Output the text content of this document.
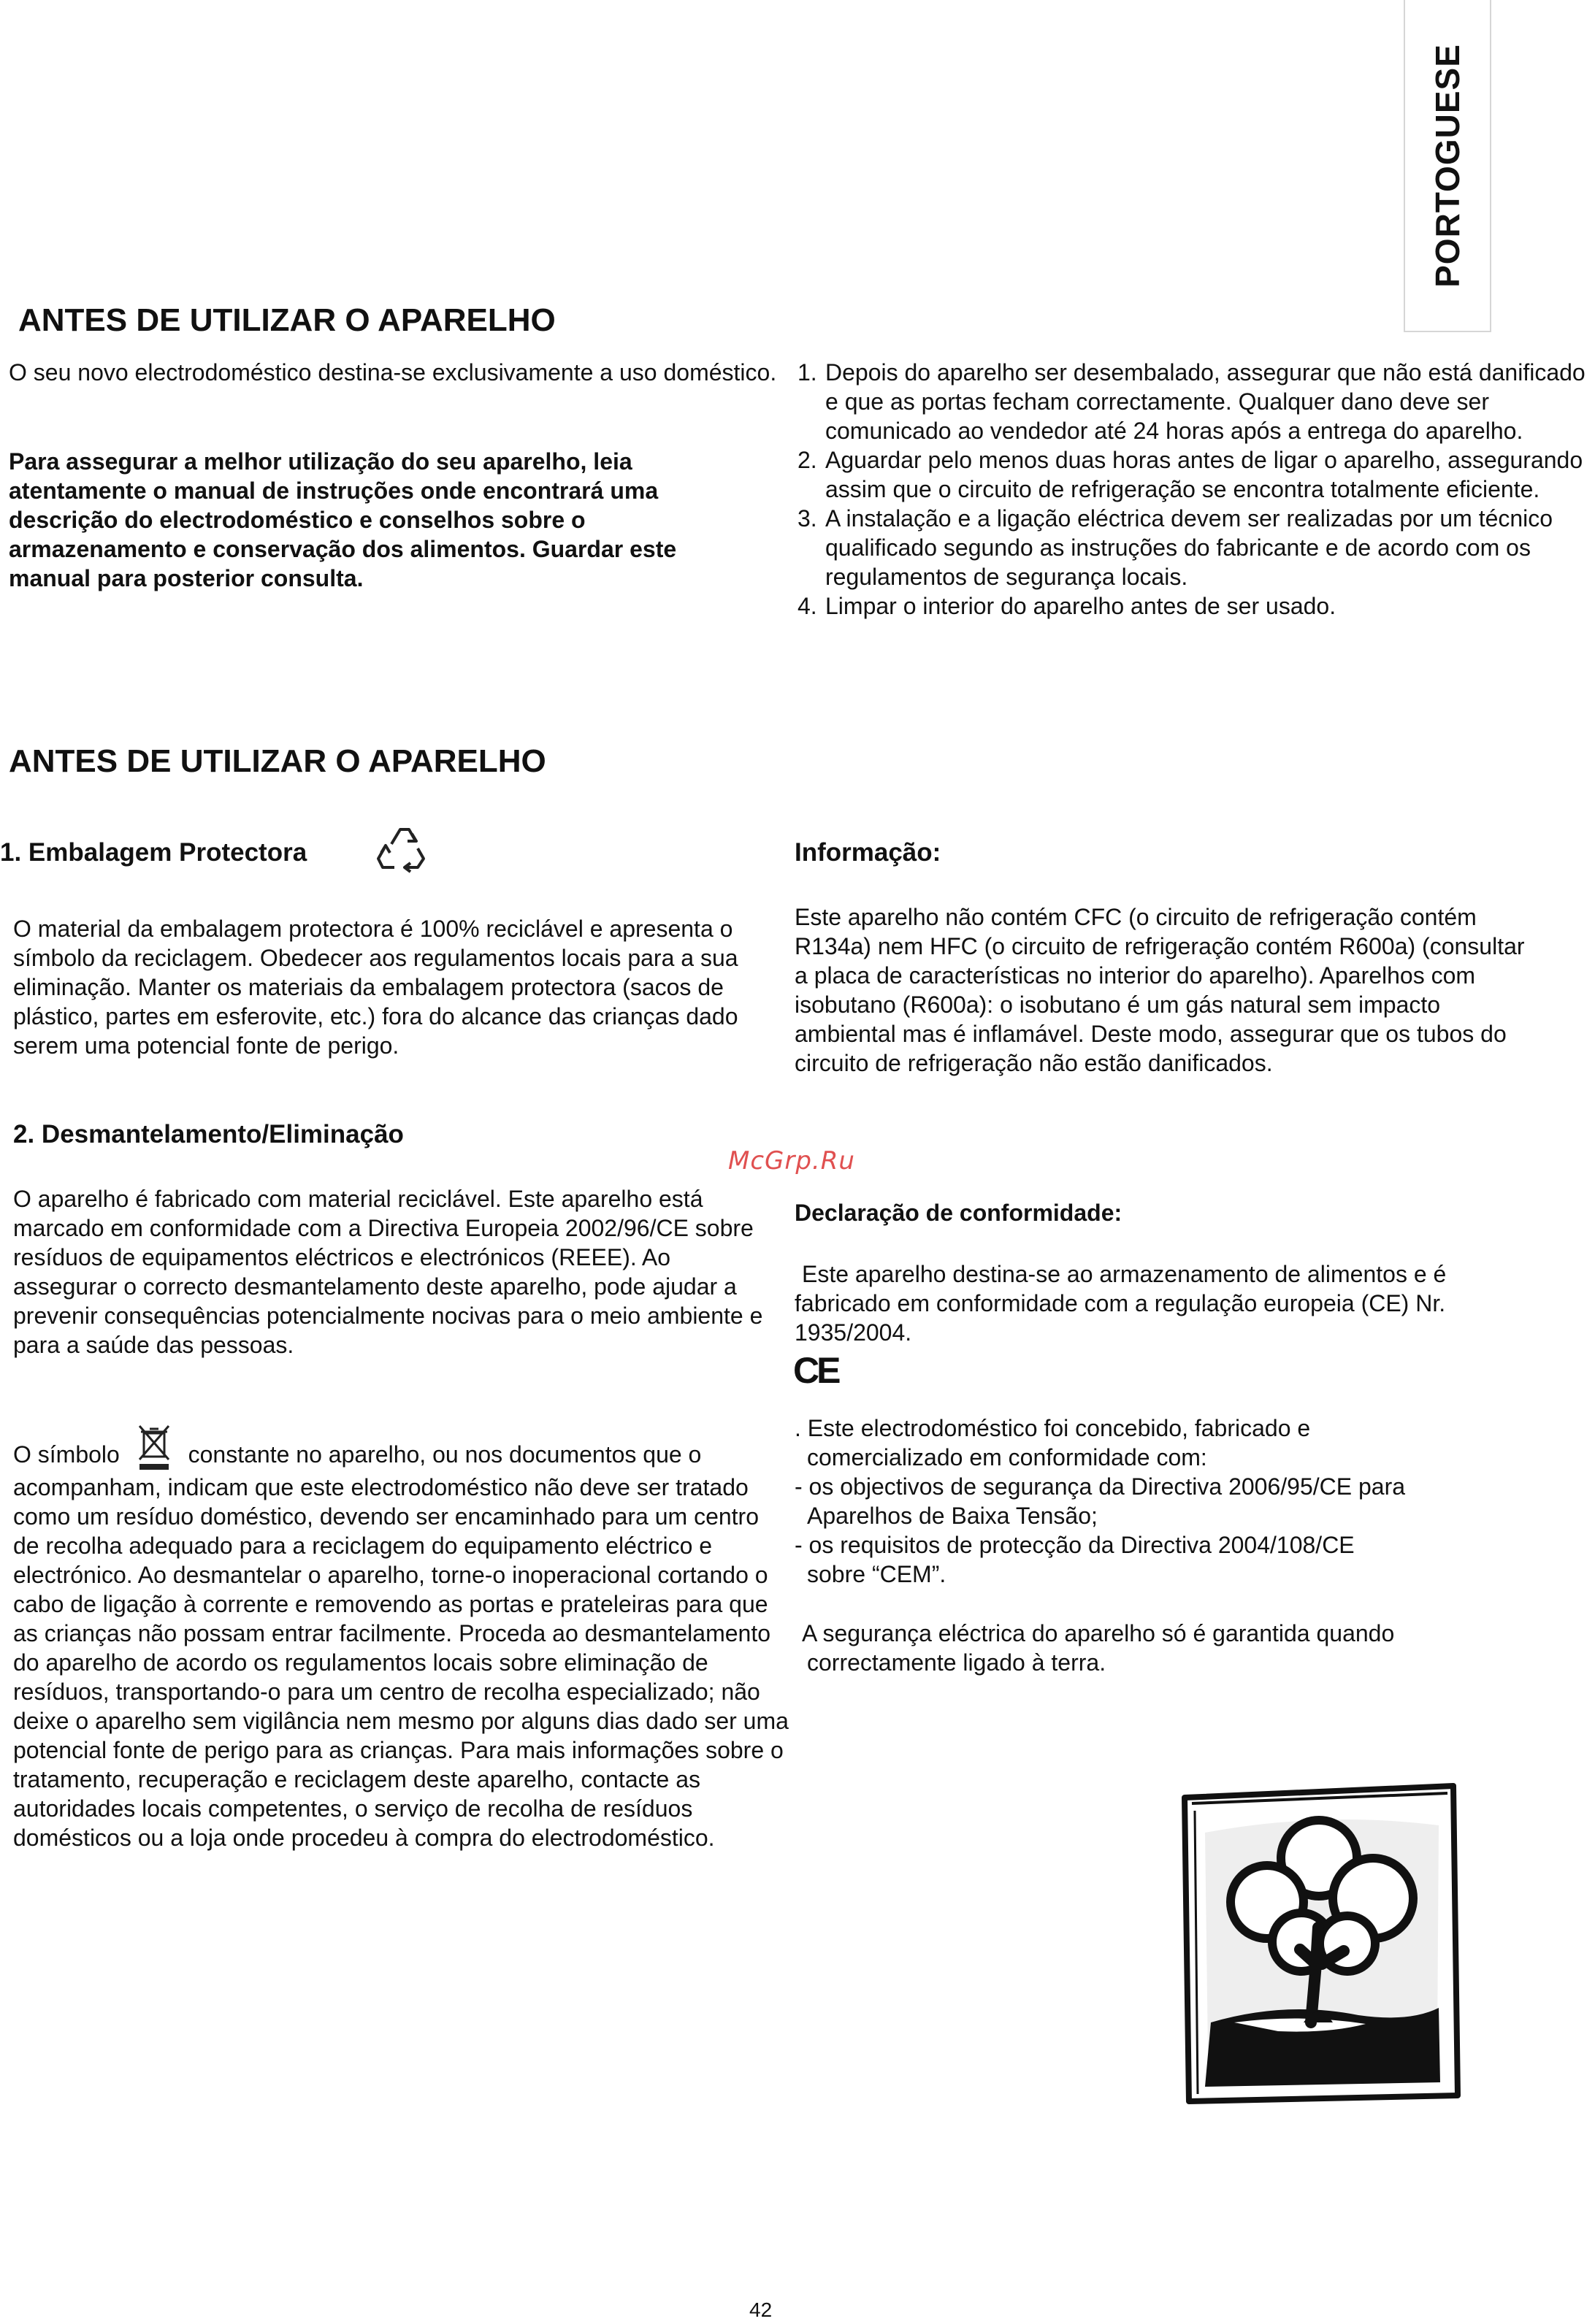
PORTOGUESE
ANTES DE UTILIZAR O APARELHO

O seu novo electrodoméstico destina-se exclusivamente a uso doméstico.

Para assegurar a melhor utilização do seu aparelho, leia atentamente o manual de instruções onde encontrará uma descrição do electrodoméstico e conselhos sobre o armazenamento e conservação dos alimentos. Guardar este manual para posterior consulta.

1. Depois do aparelho ser desembalado, assegurar que não está danificado e que as portas fecham correctamente. Qualquer dano deve ser comunicado ao vendedor até 24 horas após a entrega do aparelho.
2. Aguardar pelo menos duas horas antes de ligar o aparelho, assegurando assim que o circuito de refrigeração se encontra totalmente eficiente.
3. A instalação e a ligação eléctrica devem ser realizadas por um técnico qualificado segundo as instruções do fabricante e de acordo com os regulamentos de segurança locais.
4. Limpar o interior do aparelho antes de ser usado.
ANTES DE UTILIZAR O APARELHO
1. Embalagem Protectora

O material da embalagem protectora é 100% reciclável e apresenta o símbolo da reciclagem. Obedecer aos regulamentos locais para a sua eliminação. Manter os materiais da embalagem protectora (sacos de plástico, partes em esferovite, etc.) fora do alcance das crianças dado serem uma potencial fonte de perigo.

2. Desmantelamento/Eliminação

O aparelho é fabricado com material reciclável. Este aparelho está marcado em conformidade com a Directiva Europeia 2002/96/CE sobre resíduos de equipamentos eléctricos e electrónicos (REEE). Ao assegurar o correcto desmantelamento deste aparelho, pode ajudar a prevenir consequências potencialmente nocivas para o meio ambiente e para a saúde das pessoas.

O símbolo	constante no aparelho, ou nos documentos que o acompanham, indicam que este electrodoméstico não deve ser tratado como um resíduo doméstico, devendo ser encaminhado para um centro de recolha adequado para a reciclagem do equipamento eléctrico e electrónico. Ao desmantelar o aparelho, torne-o inoperacional cortando o cabo de ligação à corrente e removendo as portas e prateleiras para que as crianças não possam entrar facilmente. Proceda ao desmantelamento do aparelho de acordo os regulamentos locais sobre eliminação de resíduos, transportando-o para um centro de recolha especializado; não deixe o aparelho sem vigilância nem mesmo por alguns dias dado ser uma potencial fonte de perigo para as crianças. Para mais informações sobre o tratamento, recuperação e reciclagem deste aparelho, contacte as autoridades locais competentes, o serviço de recolha de resíduos domésticos ou a loja onde procedeu à compra do electrodoméstico.

Informação:

Este aparelho não contém CFC (o circuito de refrigeração contém R134a) nem HFC (o circuito de refrigeração contém R600a) (consultar a placa de características no interior do aparelho). Aparelhos com isobutano (R600a): o isobutano é um gás natural sem impacto ambiental mas é inflamável. Deste modo, assegurar que os tubos do circuito de refrigeração não estão danificados.

Declaração de conformidade:

Este aparelho destina-se ao armazenamento de alimentos e é fabricado em conformidade com a regulação europeia (CE) Nr. 1935/2004.

CE

. Este electrodoméstico foi concebido, fabricado e

comercializado em conformidade com:

- os objectivos de segurança da Directiva 2006/95/CE para

Aparelhos de Baixa Tensão;

- os requisitos de protecção da Directiva 2004/108/CE

sobre “CEM”.

A segurança eléctrica do aparelho só é garantida quando

correctamente ligado à terra.

McGrp.Ru
42
